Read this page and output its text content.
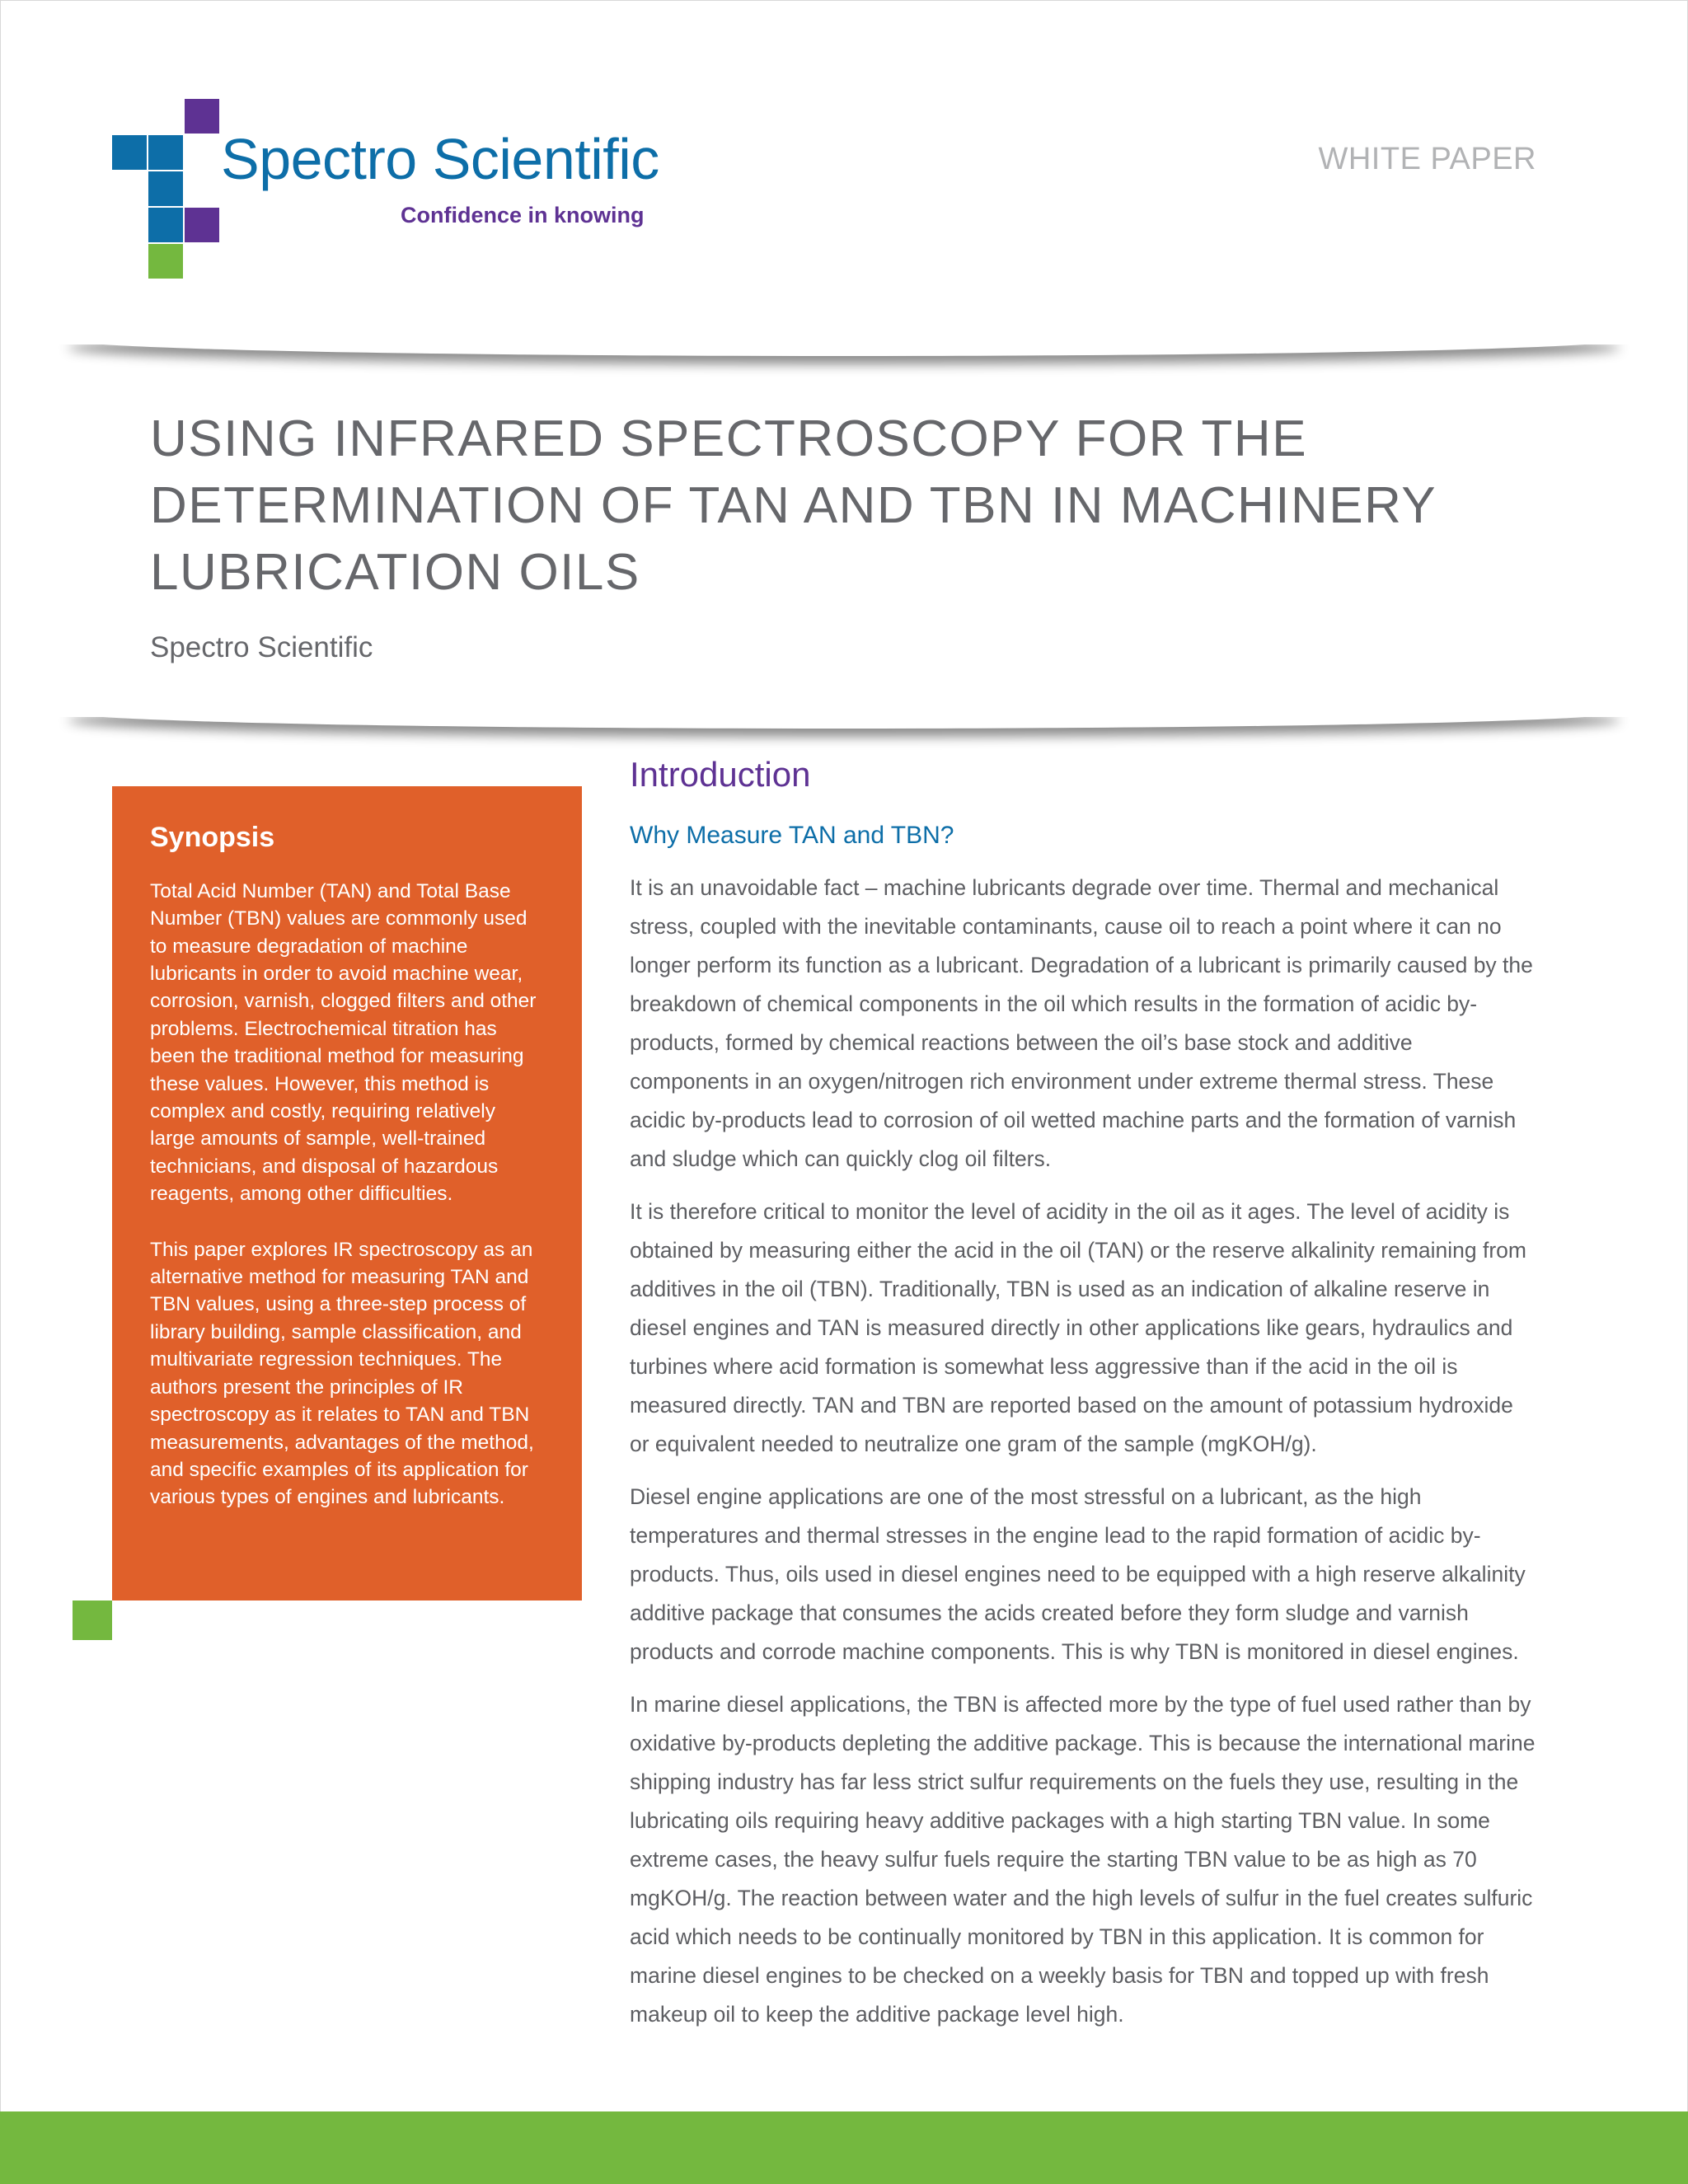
Spectro Scientific
Confidence in knowing
WHITE PAPER
USING INFRARED SPECTROSCOPY FOR THE DETERMINATION OF TAN AND TBN IN MACHINERY LUBRICATION OILS
Spectro Scientific
Synopsis

Total Acid Number (TAN) and Total Base Number (TBN) values are commonly used to measure degradation of machine lubricants in order to avoid machine wear, corrosion, varnish, clogged filters and other problems. Electrochemical titration has been the traditional method for measuring these values. However, this method is complex and costly, requiring relatively large amounts of sample, well-trained technicians, and disposal of hazardous reagents, among other difficulties.

This paper explores IR spectroscopy as an alternative method for measuring TAN and TBN values, using a three-step process of library building, sample classification, and multivariate regression techniques. The authors present the principles of IR spectroscopy as it relates to TAN and TBN measurements, advantages of the method, and specific examples of its application for various types of engines and lubricants.

Introduction
Why Measure TAN and TBN?

It is an unavoidable fact – machine lubricants degrade over time. Thermal and mechanical stress, coupled with the inevitable contaminants, cause oil to reach a point where it can no longer perform its function as a lubricant. Degradation of a lubricant is primarily caused by the breakdown of chemical components in the oil which results in the formation of acidic by-products, formed by chemical reactions between the oil’s base stock and additive components in an oxygen/nitrogen rich environment under extreme thermal stress. These acidic by-products lead to corrosion of oil wetted machine parts and the formation of varnish and sludge which can quickly clog oil filters.

It is therefore critical to monitor the level of acidity in the oil as it ages. The level of acidity is obtained by measuring either the acid in the oil (TAN) or the reserve alkalinity remaining from additives in the oil (TBN). Traditionally, TBN is used as an indication of alkaline reserve in diesel engines and TAN is measured directly in other applications like gears, hydraulics and turbines where acid formation is somewhat less aggressive than if the acid in the oil is measured directly. TAN and TBN are reported based on the amount of potassium hydroxide or equivalent needed to neutralize one gram of the sample (mgKOH/g).

Diesel engine applications are one of the most stressful on a lubricant, as the high temperatures and thermal stresses in the engine lead to the rapid formation of acidic by-products. Thus, oils used in diesel engines need to be equipped with a high reserve alkalinity additive package that consumes the acids created before they form sludge and varnish products and corrode machine components. This is why TBN is monitored in diesel engines.

In marine diesel applications, the TBN is affected more by the type of fuel used rather than by oxidative by-products depleting the additive package. This is because the international marine shipping industry has far less strict sulfur requirements on the fuels they use, resulting in the lubricating oils requiring heavy additive packages with a high starting TBN value. In some extreme cases, the heavy sulfur fuels require the starting TBN value to be as high as 70 mgKOH/g. The reaction between water and the high levels of sulfur in the fuel creates sulfuric acid which needs to be continually monitored by TBN in this application. It is common for marine diesel engines to be checked on a weekly basis for TBN and topped up with fresh makeup oil to keep the additive package level high.
